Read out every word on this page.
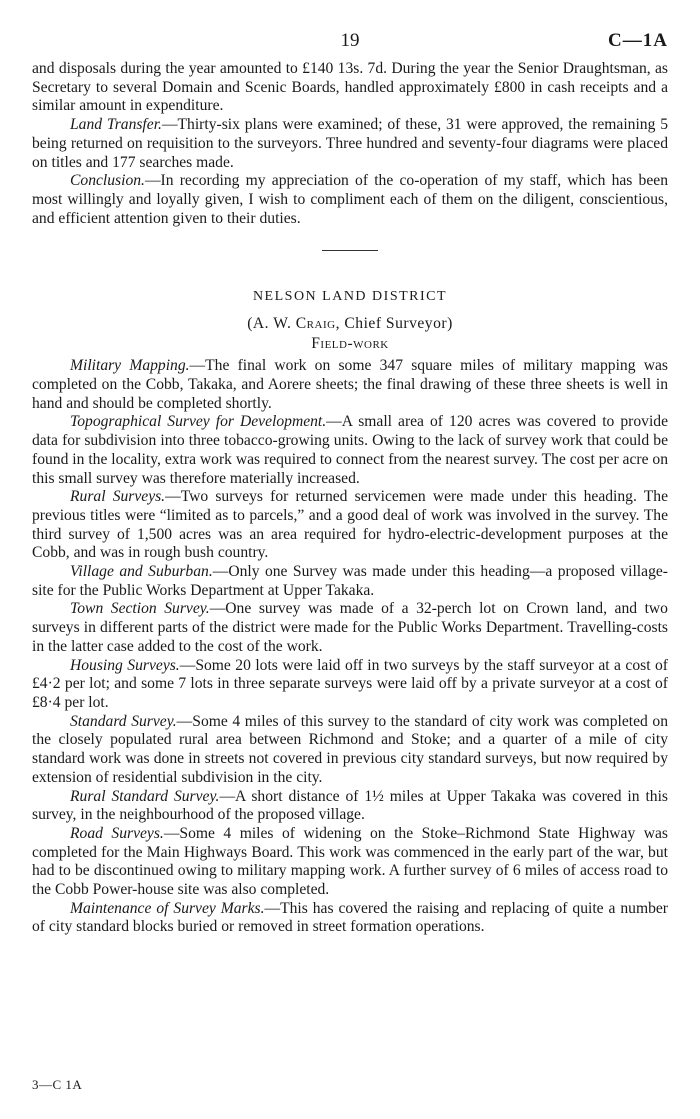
19	C—1A

and disposals during the year amounted to £140 13s. 7d. During the year the Senior Draughtsman, as Secretary to several Domain and Scenic Boards, handled approximately £800 in cash receipts and a similar amount in expenditure.

Land Transfer.—Thirty-six plans were examined; of these, 31 were approved, the remaining 5 being returned on requisition to the surveyors. Three hundred and seventy-four diagrams were placed on titles and 177 searches made.

Conclusion.—In recording my appreciation of the co-operation of my staff, which has been most willingly and loyally given, I wish to compliment each of them on the diligent, conscientious, and efficient attention given to their duties.

NELSON LAND DISTRICT
(A. W. Craig, Chief Surveyor)
Field-work

Military Mapping.—The final work on some 347 square miles of military mapping was completed on the Cobb, Takaka, and Aorere sheets; the final drawing of these three sheets is well in hand and should be completed shortly.

Topographical Survey for Development.—A small area of 120 acres was covered to provide data for subdivision into three tobacco-growing units. Owing to the lack of survey work that could be found in the locality, extra work was required to connect from the nearest survey. The cost per acre on this small survey was therefore materially increased.

Rural Surveys.—Two surveys for returned servicemen were made under this heading. The previous titles were “limited as to parcels,” and a good deal of work was involved in the survey. The third survey of 1,500 acres was an area required for hydro-electric-development purposes at the Cobb, and was in rough bush country.

Village and Suburban.—Only one Survey was made under this heading—a proposed village-site for the Public Works Department at Upper Takaka.

Town Section Survey.—One survey was made of a 32-perch lot on Crown land, and two surveys in different parts of the district were made for the Public Works Department. Travelling-costs in the latter case added to the cost of the work.

Housing Surveys.—Some 20 lots were laid off in two surveys by the staff surveyor at a cost of £4·2 per lot; and some 7 lots in three separate surveys were laid off by a private surveyor at a cost of £8·4 per lot.

Standard Survey.—Some 4 miles of this survey to the standard of city work was completed on the closely populated rural area between Richmond and Stoke; and a quarter of a mile of city standard work was done in streets not covered in previous city standard surveys, but now required by extension of residential subdivision in the city.

Rural Standard Survey.—A short distance of 1½ miles at Upper Takaka was covered in this survey, in the neighbourhood of the proposed village.

Road Surveys.—Some 4 miles of widening on the Stoke–Richmond State Highway was completed for the Main Highways Board. This work was commenced in the early part of the war, but had to be discontinued owing to military mapping work. A further survey of 6 miles of access road to the Cobb Power-house site was also completed.

Maintenance of Survey Marks.—This has covered the raising and replacing of quite a number of city standard blocks buried or removed in street formation operations.

3—C 1A
